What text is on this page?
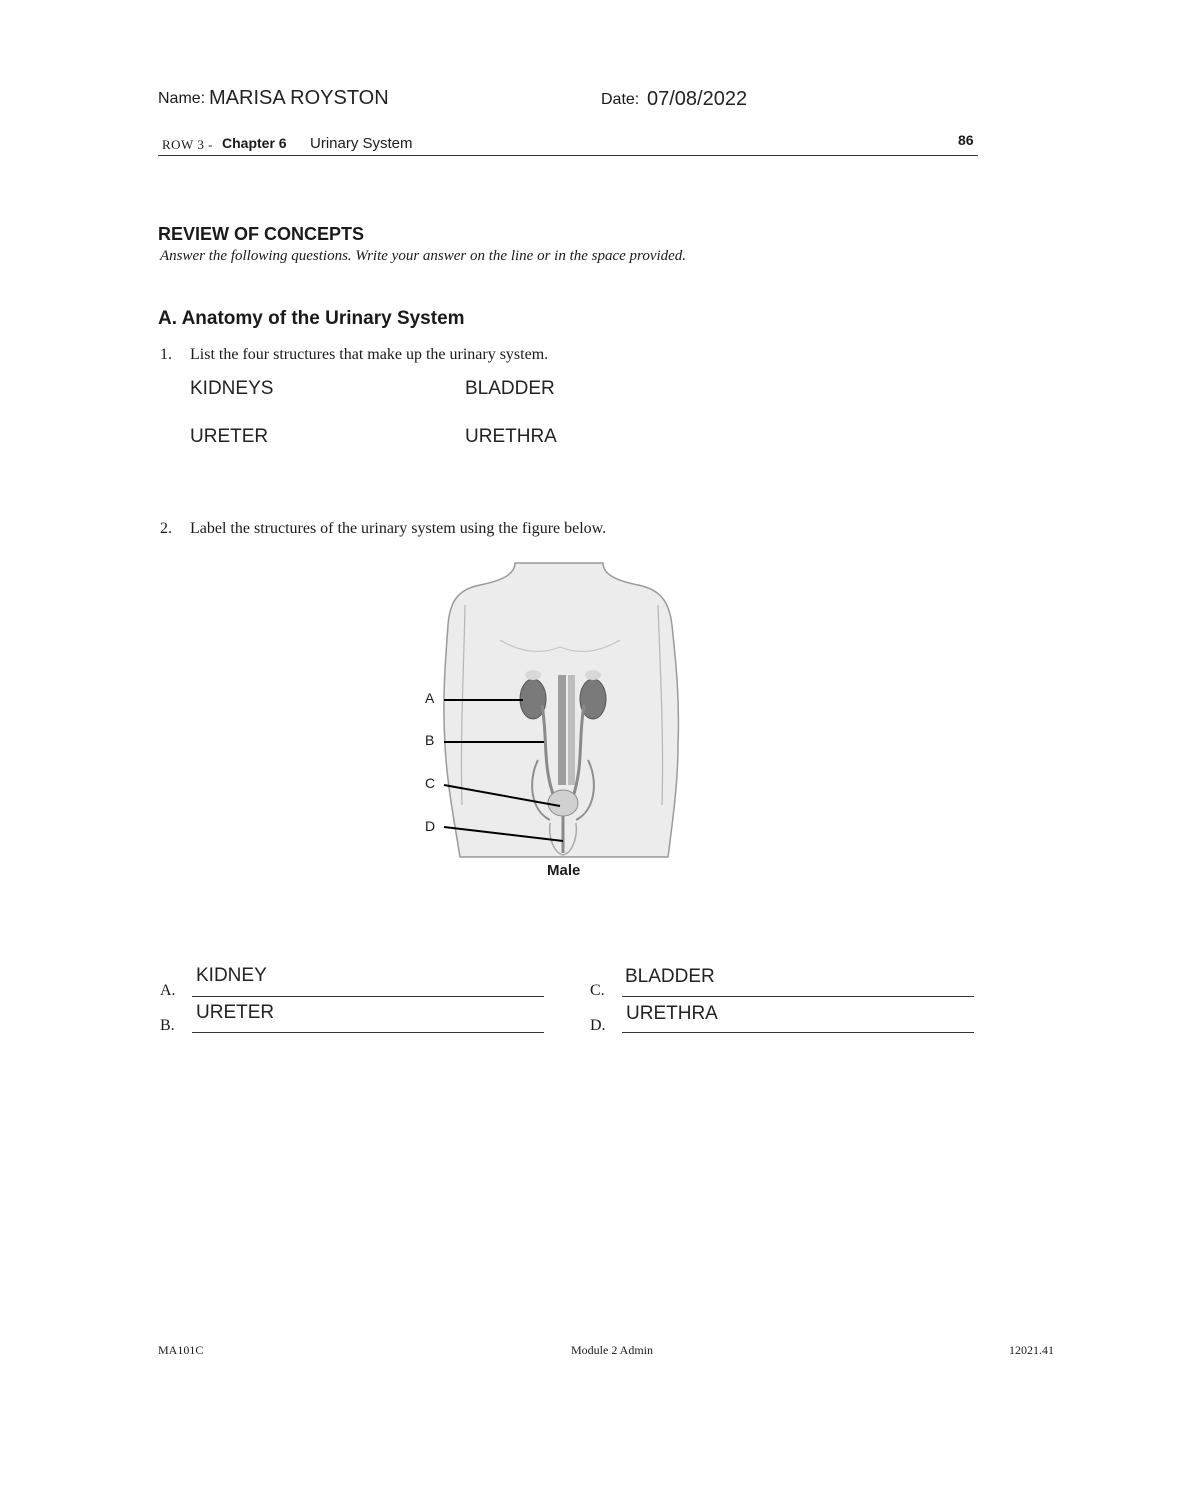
Name: MARISA ROYSTON	Date: 07/08/2022
ROW 3 - Chapter 6 Urinary System	86
REVIEW OF CONCEPTS
Answer the following questions. Write your answer on the line or in the space provided.
A. Anatomy of the Urinary System
1. List the four structures that make up the urinary system.
KIDNEYS	BLADDER
URETER	URETHRA
2. Label the structures of the urinary system using the figure below.
A
B
C
D
Male
A.
KIDNEY
B.
URETER
C.
BLADDER
D.
URETHRA
MA101C	Module 2 Admin	12021.41
